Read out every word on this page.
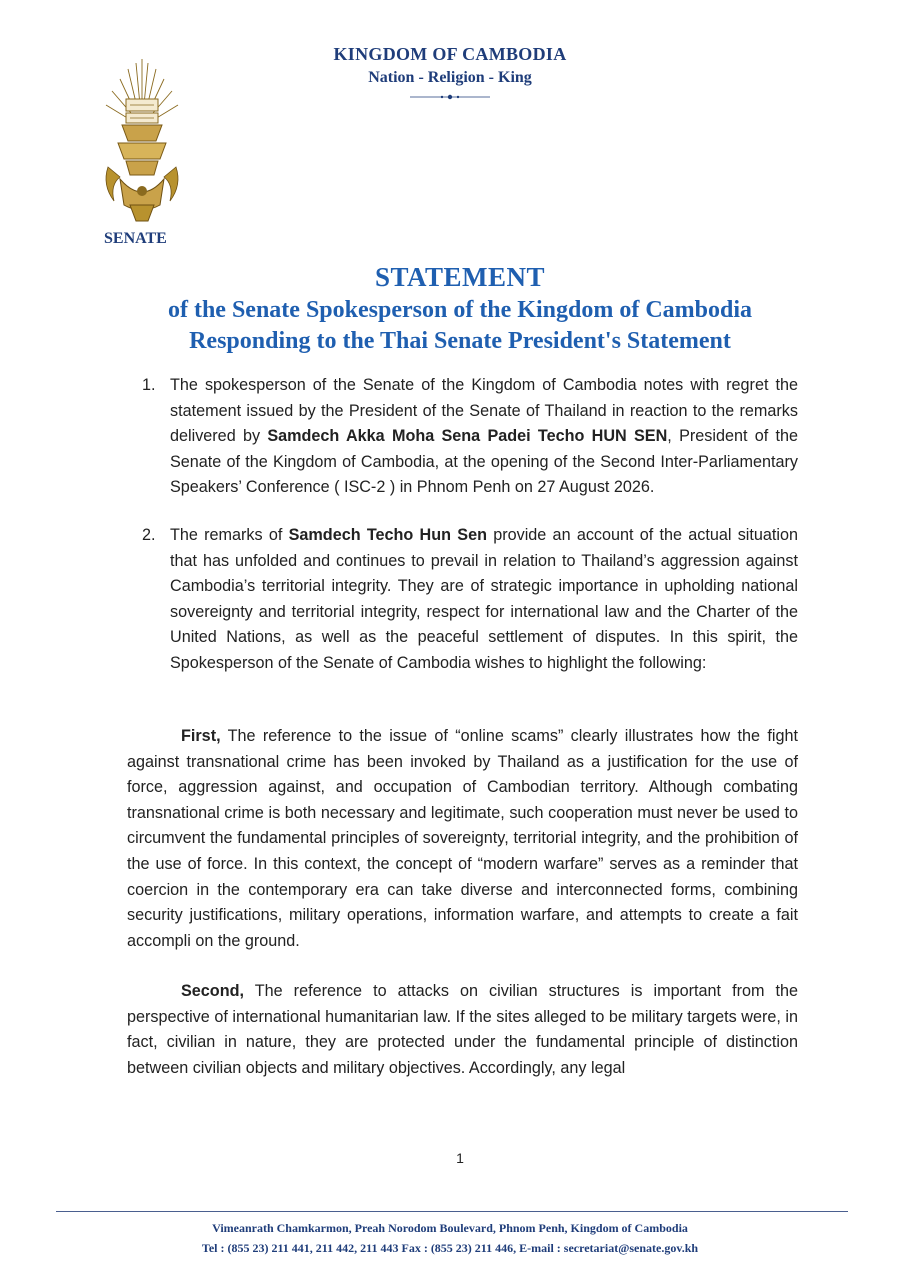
KINGDOM OF CAMBODIA
Nation - Religion - King
SENATE
STATEMENT
of the Senate Spokesperson of the Kingdom of Cambodia
Responding to the Thai Senate President's Statement
1. The spokesperson of the Senate of the Kingdom of Cambodia notes with regret the statement issued by the President of the Senate of Thailand in reaction to the remarks delivered by Samdech Akka Moha Sena Padei Techo HUN SEN, President of the Senate of the Kingdom of Cambodia, at the opening of the Second Inter-Parliamentary Speakers’ Conference ( ISC-2 ) in Phnom Penh on 27 August 2026.
2. The remarks of Samdech Techo Hun Sen provide an account of the actual situation that has unfolded and continues to prevail in relation to Thailand’s aggression against Cambodia’s territorial integrity. They are of strategic importance in upholding national sovereignty and territorial integrity, respect for international law and the Charter of the United Nations, as well as the peaceful settlement of disputes. In this spirit, the Spokesperson of the Senate of Cambodia wishes to highlight the following:
First, The reference to the issue of “online scams” clearly illustrates how the fight against transnational crime has been invoked by Thailand as a justification for the use of force, aggression against, and occupation of Cambodian territory. Although combating transnational crime is both necessary and legitimate, such cooperation must never be used to circumvent the fundamental principles of sovereignty, territorial integrity, and the prohibition of the use of force. In this context, the concept of “modern warfare” serves as a reminder that coercion in the contemporary era can take diverse and interconnected forms, combining security justifications, military operations, information warfare, and attempts to create a fait accompli on the ground.
Second, The reference to attacks on civilian structures is important from the perspective of international humanitarian law. If the sites alleged to be military targets were, in fact, civilian in nature, they are protected under the fundamental principle of distinction between civilian objects and military objectives. Accordingly, any legal
1
Vimeanrath Chamkarmon, Preah Norodom Boulevard, Phnom Penh, Kingdom of Cambodia
Tel : (855 23) 211 441, 211 442, 211 443 Fax : (855 23) 211 446, E-mail : secretariat@senate.gov.kh
